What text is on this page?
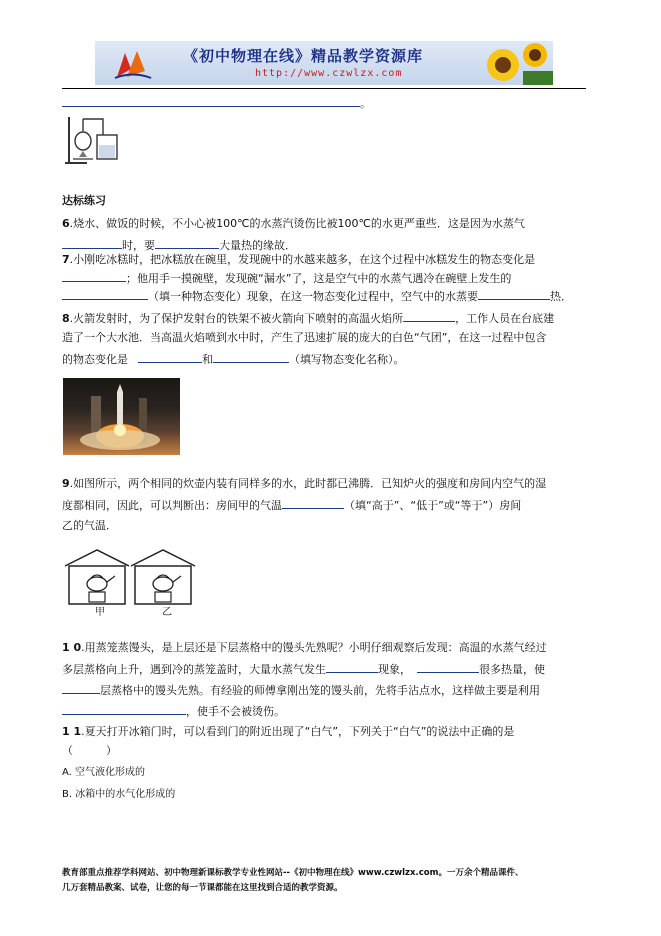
《初中物理在线》精品教学资源库
http://www.czwlzx.com
。
达标练习
6.烧水、做饭的时候，不小心被100℃的水蒸汽烫伤比被100℃的水更严重些．这是因为水蒸气
时，要	大量热的缘故．
7.小刚吃冰糕时，把冰糕放在碗里，发现碗中的水越来越多，在这个过程中冰糕发生的物态变化是
；他用手一摸碗壁，发现碗“漏水”了，这是空气中的水蒸气遇冷在碗壁上发生的
（填一种物态变化）现象，在这一物态变化过程中，空气中的水蒸要	热．
8.火箭发射时，为了保护发射台的铁架不被火箭向下喷射的高温火焰所	，工作人员在台底建
造了一个大水池．当高温火焰喷到水中时，产生了迅速扩展的庞大的白色“气团”，在这一过程中包含
的物态变化是	和	（填写物态变化名称）。
9.如图所示，两个相同的炊壶内装有同样多的水，此时都已沸腾．已知炉火的强度和房间内空气的湿
度都相同，因此，可以判断出：房间甲的气温	（填“高于”、“低于”或“等于”）房间
乙的气温．
甲	乙
1 0.用蒸笼蒸馒头，是上层还是下层蒸格中的馒头先熟呢？小明仔细观察后发现：高温的水蒸气经过
多层蒸格向上升，遇到冷的蒸笼盖时，大量水蒸气发生	现象，	很多热量，使
层蒸格中的馒头先熟。有经验的师傅拿刚出笼的馒头前，先将手沾点水，这样做主要是利用
，使手不会被烫伤。
1 1.夏天打开冰箱门时，可以看到门的附近出现了“白气”，下列关于“白气”的说法中正确的是
（　　　）
A. 空气液化形成的
B. 冰箱中的水气化形成的
教育部重点推荐学科网站、初中物理新课标教学专业性网站--《初中物理在线》www.czwlzx.com。一万余个精品课件、
几万套精品教案、试卷，让您的每一节课都能在这里找到合适的教学资源。
